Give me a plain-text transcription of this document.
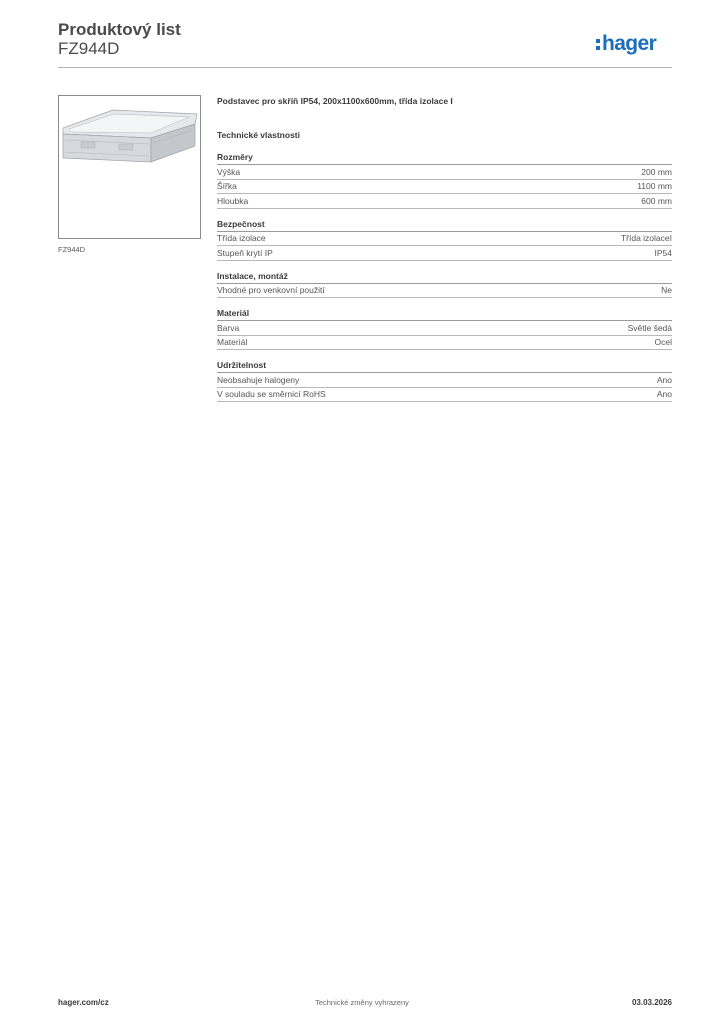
Produktový list
FZ944D	hager
FZ944D
Podstavec pro skříň IP54, 200x1100x600mm, třída izolace I
Technické vlastnosti
Rozměry
Výška	200 mm
Šířka	1100 mm
Hloubka	600 mm
Bezpečnost
Třída izolace	Třída izolaceI
Stupeň krytí IP	IP54
Instalace, montáž
Vhodné pro venkovní použití	Ne
Materiál
Barva	Světle šedá
Materiál	Ocel
Udržitelnost
Neobsahuje halogeny	Ano
V souladu se směrnicí RoHS	Ano
hager.com/cz	Technické změny vyhrazeny	03.03.2026
